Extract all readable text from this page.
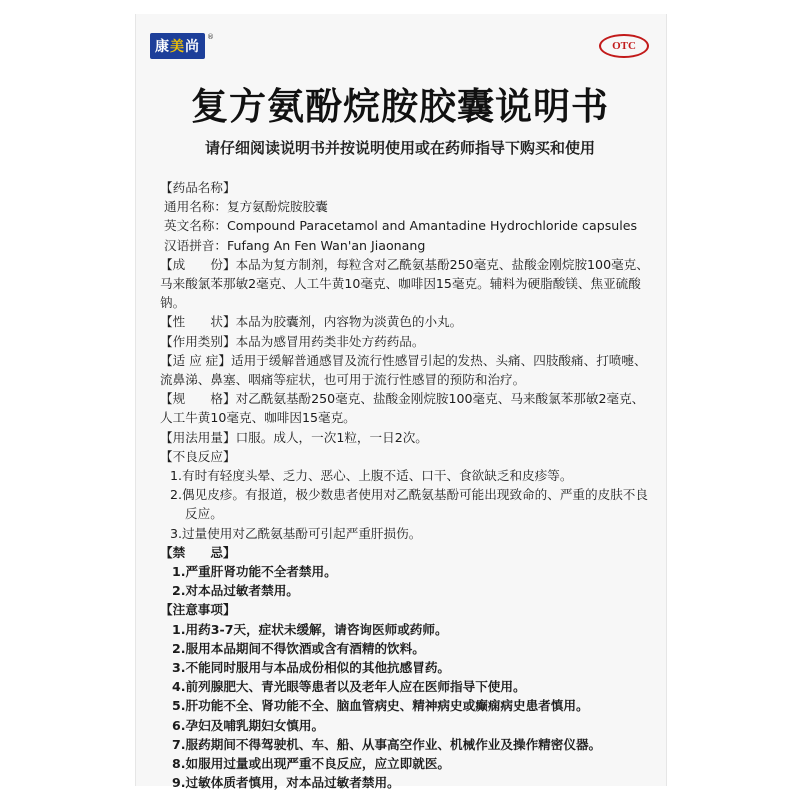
康美尚
®
OTC
复方氨酚烷胺胶囊说明书
请仔细阅读说明书并按说明使用或在药师指导下购买和使用
【药品名称】
通用名称：复方氨酚烷胺胶囊
英文名称：Compound Paracetamol and Amantadine Hydrochloride capsules
汉语拼音：Fufang An Fen Wan'an Jiaonang
【成　　份】本品为复方制剂，每粒含对乙酰氨基酚250毫克、盐酸金刚烷胺100毫克、马来酸氯苯那敏2毫克、人工牛黄10毫克、咖啡因15毫克。辅料为硬脂酸镁、焦亚硫酸钠。
【性　　状】本品为胶囊剂，内容物为淡黄色的小丸。
【作用类别】本品为感冒用药类非处方药药品。
【适 应 症】适用于缓解普通感冒及流行性感冒引起的发热、头痛、四肢酸痛、打喷嚏、流鼻涕、鼻塞、咽痛等症状，也可用于流行性感冒的预防和治疗。
【规　　格】对乙酰氨基酚250毫克、盐酸金刚烷胺100毫克、马来酸氯苯那敏2毫克、人工牛黄10毫克、咖啡因15毫克。
【用法用量】口服。成人，一次1粒，一日2次。
【不良反应】
1.有时有轻度头晕、乏力、恶心、上腹不适、口干、食欲缺乏和皮疹等。
2.偶见皮疹。有报道，极少数患者使用对乙酰氨基酚可能出现致命的、严重的皮肤不良反应。
3.过量使用对乙酰氨基酚可引起严重肝损伤。
【禁　　忌】
1.严重肝肾功能不全者禁用。
2.对本品过敏者禁用。
【注意事项】
1.用药3-7天，症状未缓解，请咨询医师或药师。
2.服用本品期间不得饮酒或含有酒精的饮料。
3.不能同时服用与本品成份相似的其他抗感冒药。
4.前列腺肥大、青光眼等患者以及老年人应在医师指导下使用。
5.肝功能不全、肾功能不全、脑血管病史、精神病史或癫痫病史患者慎用。
6.孕妇及哺乳期妇女慎用。
7.服药期间不得驾驶机、车、船、从事高空作业、机械作业及操作精密仪器。
8.如服用过量或出现严重不良反应，应立即就医。
9.过敏体质者慎用，对本品过敏者禁用。
